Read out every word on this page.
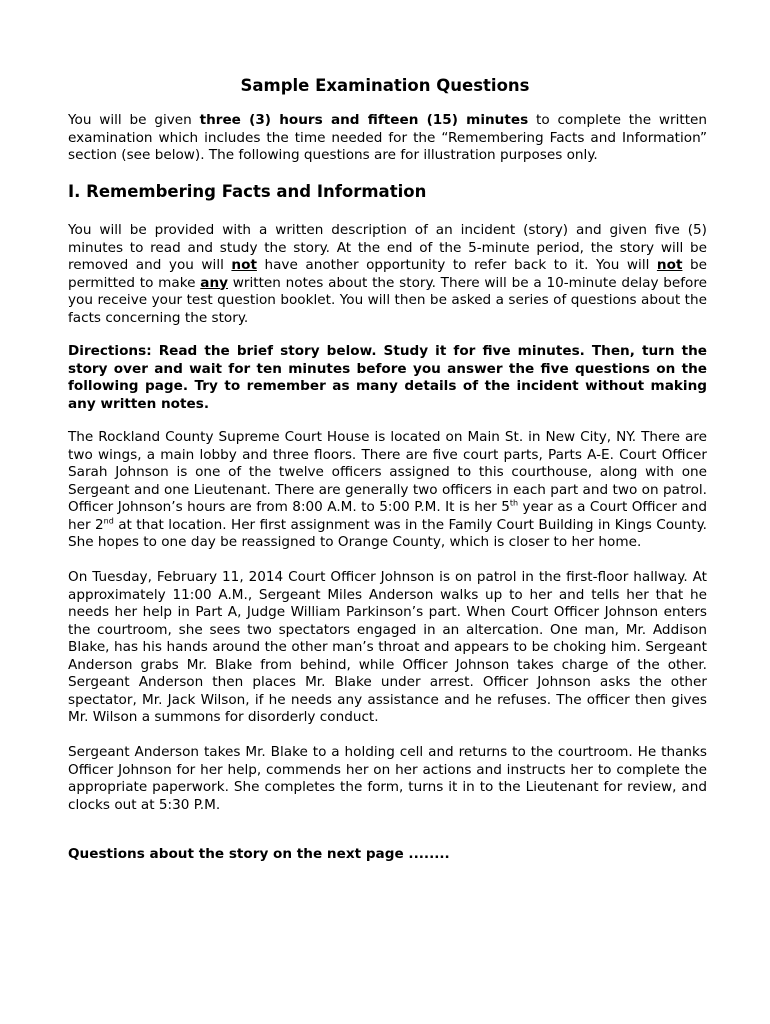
Sample Examination Questions

You will be given three (3) hours and fifteen (15) minutes to complete the written examination which includes the time needed for the “Remembering Facts and Information” section (see below). The following questions are for illustration purposes only.

I. Remembering Facts and Information

You will be provided with a written description of an incident (story) and given five (5) minutes to read and study the story. At the end of the 5-minute period, the story will be removed and you will not have another opportunity to refer back to it. You will not be permitted to make any written notes about the story. There will be a 10-minute delay before you receive your test question booklet. You will then be asked a series of questions about the facts concerning the story.

Directions: Read the brief story below. Study it for five minutes. Then, turn the story over and wait for ten minutes before you answer the five questions on the following page. Try to remember as many details of the incident without making any written notes.

The Rockland County Supreme Court House is located on Main St. in New City, NY. There are two wings, a main lobby and three floors. There are five court parts, Parts A-E. Court Officer Sarah Johnson is one of the twelve officers assigned to this courthouse, along with one Sergeant and one Lieutenant. There are generally two officers in each part and two on patrol. Officer Johnson’s hours are from 8:00 A.M. to 5:00 P.M. It is her 5th year as a Court Officer and her 2nd at that location. Her first assignment was in the Family Court Building in Kings County. She hopes to one day be reassigned to Orange County, which is closer to her home.

On Tuesday, February 11, 2014 Court Officer Johnson is on patrol in the first-floor hallway. At approximately 11:00 A.M., Sergeant Miles Anderson walks up to her and tells her that he needs her help in Part A, Judge William Parkinson’s part. When Court Officer Johnson enters the courtroom, she sees two spectators engaged in an altercation. One man, Mr. Addison Blake, has his hands around the other man’s throat and appears to be choking him. Sergeant Anderson grabs Mr. Blake from behind, while Officer Johnson takes charge of the other. Sergeant Anderson then places Mr. Blake under arrest. Officer Johnson asks the other spectator, Mr. Jack Wilson, if he needs any assistance and he refuses. The officer then gives Mr. Wilson a summons for disorderly conduct.

Sergeant Anderson takes Mr. Blake to a holding cell and returns to the courtroom. He thanks Officer Johnson for her help, commends her on her actions and instructs her to complete the appropriate paperwork. She completes the form, turns it in to the Lieutenant for review, and clocks out at 5:30 P.M.

Questions about the story on the next page ........
